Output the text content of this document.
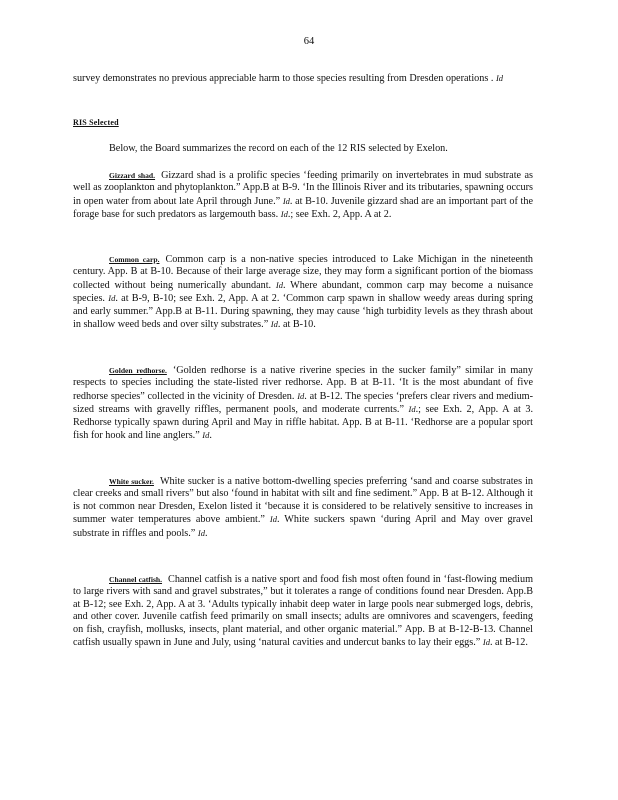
64

survey demonstrates no previous appreciable harm to those species resulting from Dresden operations . Id

RIS Selected

Below, the Board summarizes the record on each of the 12 RIS selected by Exelon.

Gizzard shad. Gizzard shad is a prolific species ‘feeding primarily on invertebrates in mud substrate as well as zooplankton and phytoplankton.” App.B at B-9. ‘In the Illinois River and its tributaries, spawning occurs in open water from about late April through June.” Id. at B-10. Juvenile gizzard shad are an important part of the forage base for such predators as largemouth bass. Id.; see Exh. 2, App. A at 2.

Common carp. Common carp is a non-native species introduced to Lake Michigan in the nineteenth century. App. B at B-10. Because of their large average size, they may form a significant portion of the biomass collected without being numerically abundant. Id. Where abundant, common carp may become a nuisance species. Id. at B-9, B-10; see Exh. 2, App. A at 2. ‘Common carp spawn in shallow weedy areas during spring and early summer.” App.B at B-11. During spawning, they may cause ‘high turbidity levels as they thrash about in shallow weed beds and over silty substrates.” Id. at B-10.

Golden redhorse. ‘Golden redhorse is a native riverine species in the sucker family” similar in many respects to species including the state-listed river redhorse. App. B at B-11. ‘It is the most abundant of five redhorse species” collected in the vicinity of Dresden. Id. at B-12. The species ‘prefers clear rivers and medium-sized streams with gravelly riffles, permanent pools, and moderate currents.” Id.; see Exh. 2, App. A at 3. Redhorse typically spawn during April and May in riffle habitat. App. B at B-11. ‘Redhorse are a popular sport fish for hook and line anglers.” Id.

White sucker. White sucker is a native bottom-dwelling species preferring ‘sand and coarse substrates in clear creeks and small rivers” but also ‘found in habitat with silt and fine sediment.” App. B at B-12. Although it is not common near Dresden, Exelon listed it ‘because it is considered to be relatively sensitive to increases in summer water temperatures above ambient.” Id. White suckers spawn ‘during April and May over gravel substrate in riffles and pools.” Id.

Channel catfish. Channel catfish is a native sport and food fish most often found in ‘fast-flowing medium to large rivers with sand and gravel substrates,” but it tolerates a range of conditions found near Dresden. App.B at B-12; see Exh. 2, App. A at 3. ‘Adults typically inhabit deep water in large pools near submerged logs, debris, and other cover. Juvenile catfish feed primarily on small insects; adults are omnivores and scavengers, feeding on fish, crayfish, mollusks, insects, plant material, and other organic material.” App. B at B-12-B-13. Channel catfish usually spawn in June and July, using ‘natural cavities and undercut banks to lay their eggs.” Id. at B-12.
